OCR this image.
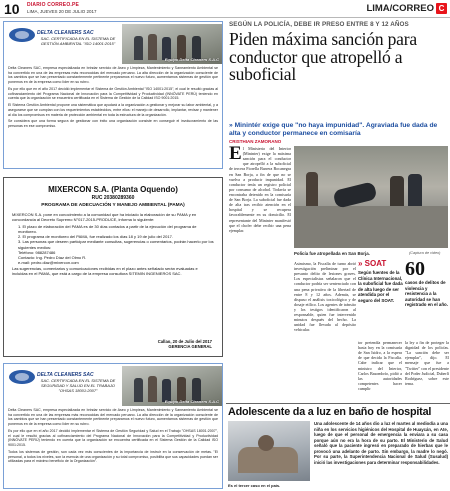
10 DIARIO CORREO.PE
LIMA, JUEVES 20 DE JULIO 2017	LIMA/CORREO C
DELTA CLEANERS SAC
SAC. CERTIFICADA EN EL SISTEMA DE GESTIÓN AMBIENTAL "ISO 14001:2015"
Equipo Delta Cleaners S.A.C

Delta Cleaners SAC, empresa especializada en brindar servicio de Aseo y Limpieza, Mantenimiento y Saneamiento Ambiental se ha convertido en una de las empresas más reconocidas del mercado peruano. La alta dirección de la organización consciente de los cambios que se han presentado constantemente pertinente preparamos el nuevo futuro, aumentamos sistemas de gestión que ponemos en de la empresa como líder en su rubro.

Es por ello que en el año 2017 decidió implementar el Sistema de Gestión Ambiental "ISO 14001:2015", el cual le resultó gracias al cofinanciamiento del Programa Nacional de Innovación para la Competitividad y Productividad (INNÓVATE PERÚ) teniendo en cuenta que la organización se encuentra certificada en el Sistema de Gestión de la Calidad ISO 9001:2015.

El Sistema Gestión Ambiental propone una sistemática que ayudará a la organización a gestionar y mejorar su labor ambiental, y a asegurarse que se cumplan con los requerimientos establecidos, entre ellos: el manejo de desarrollo, implantar, revisar y mantener al día los compromisos en materia de protección ambiental en toda la estructura de la organización.

Se considera que una forma segura de gestionar con éxito una organización consiste en conseguir el involucramiento de las personas en ese compromiso.

MIXERCON S.A. (Planta Oquendo)
RUC 20380289360
PROGRAMA DE ADECUACIÓN Y MANEJO AMBIENTAL (PAMA)

MIXERCON S.A. pone en conocimiento a la comunidad que ha iniciado la elaboración de su PAMA y en concordancia al Decreto Supremo N°017-2015-PRODUCE, informa lo siguiente:

1. El plazo de elaboración del PAMA es de 30 días contados a partir de la ejecución del programa de monitoreo.

2. El programa de monitoreo del PAMA, fue realizado los días 18 y 19 de julio del 2017.

3. Las personas que deseen participar mediante consultas, sugerencias o comentarios, podrán hacerlo por los siguientes medios:

Teléfono: 988287486

Contacto: Ing. Pedro Díaz del Olmo R.

e-mail: pedro.diaz@mixercon.com

Las sugerencias, comentarios y comunicaciones recibidas en el plazo antes señalado serán evaluadas e incluidas en el PAMA, que está a cargo de la empresa consultora SITEMIN INGENIEROS SAC.

Callao, 20 de Julio del 2017
GERENCIA GENERAL
DELTA CLEANERS SAC
SAC. CERTIFICADA EN EL SISTEMA DE SEGURIDAD Y SALUD EN EL TRABAJO "OHSAS 18001:2007"
Equipo Delta Cleaners S.A.C

Delta Cleaners SAC, empresa especializada en brindar servicio de Aseo y Limpieza, Mantenimiento y Saneamiento Ambiental se ha convertido en una de las empresas más reconocidas del mercado peruano. La alta dirección de la organización consciente de los cambios que se han presentado constantemente pertinente preparamos el nuevo futuro, aumentamos sistemas de gestión que ponemos en de la empresa como líder en su rubro.

Es por ello que en el año 2017 decidió implementar el Sistema de Gestión Seguridad y Salud en el Trabajo "OHSAS 18001:2007", el cual le resultó gracias al cofinanciamiento del Programa Nacional de Innovación para la Competitividad y Productividad (INNÓVATE PERÚ) teniendo en cuenta que la organización se encuentra certificada en el Sistema Gestión de la Calidad ISO 9001:2015.

Todos los sistemas de gestión, son cada vez más conscientes de la importancia de instruir en la conservación de metas. "El personal, a todos los niveles, son la esencia de una organización y su total compromiso, posibilita que sus capacidades puedan ser utilizadas para el máximo beneficio de la Organización".

SEGÚN LA POLICÍA, DEBE IR PRESO ENTRE 8 Y 12 AÑOS
Piden máxima sanción para conductor que atropelló a suboficial
» Minintér exige que "no haya impunidad". Agraviada fue dada de alta y conductor permanece en comisaría
CRISTHIAN ZAMORANO

El Ministerio del Interior (Mininter) exige la máxima sanción para el conductor que atropelló a la suboficial de tercera Fiorella Barrera Bocanegra en San Borja, a fin de que no se vuelva a producir impunidad. El conductor tenía un registro policial por consumo de alcohol. Todavía se encontraba detenido en la comisaría de San Borja. La suboficial fue dada de alta tras recibir atención en el hospital y se recupera favorablemente en su domicilio. El representante del Mininter manifestó que el chofer debe recibir una pena ejemplar.

Policía fue atropellada en San Borja.	(Captura de video)

Asimismo, la Fiscalía de turno abrió investigación preliminar por el presunto delito de lesiones graves. Los especialistas señalaron que el conductor podría ser sentenciado con una pena privativa de la libertad de entre 8 y 12 años. Además, se dispuso el análisis toxicológico y de dosaje etílico. Los agentes de tránsito y los testigos identificaron al responsable, quien fue intervenido minutos después del hecho. La unidad fue llevada al depósito vehicular.

» SOAT
Según fuentes de la Clínica Internacional, la suboficial fue dada de alta luego de ser atendida por el seguro del SOAT.
60
casos de delitos de violencia y resistencia a la autoridad se han registrado en el año.

tor pretendía permanecer hasta hoy en la comisaría de San Isidro, a la espera de que decida la Fiscalía. Cabe indicar que el ministro del Interior, Carlos Basombrío, pidió a las autoridades competentes hacer cumplir

la ley a fin de proteger la dignidad de los policías. "La sanción debe ser ejemplar", dijo. El mensaje que fue a "Twitter" con el presidente del Poder Judicial, Duberlí Rodríguez, sobre este tema.

Adolescente da a luz en baño de hospital
Es el tercer caso en el país.

Una adolescente de 14 años dio a luz el martes al mediodía a una niña en los servicios higiénicos del Hospital de Huaycán, en Ate, luego de que el personal de emergencia la enviara a su casa porque aún no era la hora de su parto. El Ministerio de Salud señaló que la paciente ingresó en preparado de hierbas que le provocó una adelanto de parto. Sin embargo, la madre lo negó. Por su parte, la Superintendencia Nacional de Salud (Susalud) inició las investigaciones para determinar responsabilidades.
